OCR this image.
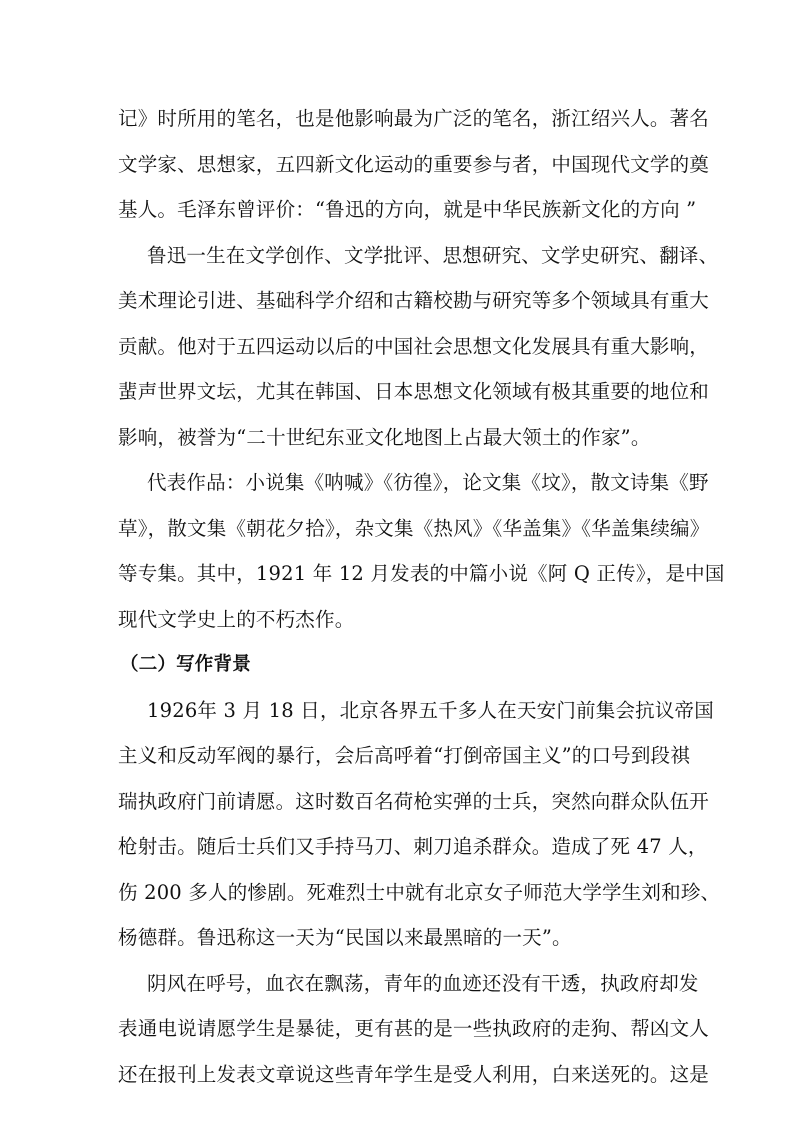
记》时所用的笔名，也是他影响最为广泛的笔名，浙江绍兴人。著名
文学家、思想家，五四新文化运动的重要参与者，中国现代文学的奠
基人。毛泽东曾评价：“鲁迅的方向，就是中华民族新文化的方向 ”
鲁迅一生在文学创作、文学批评、思想研究、文学史研究、翻译、
美术理论引进、基础科学介绍和古籍校勘与研究等多个领域具有重大
贡献。他对于五四运动以后的中国社会思想文化发展具有重大影响，
蜚声世界文坛，尤其在韩国、日本思想文化领域有极其重要的地位和
影响，被誉为“二十世纪东亚文化地图上占最大领土的作家”。
代表作品：小说集《呐喊》《彷徨》，论文集《坟》，散文诗集《野
草》，散文集《朝花夕拾》，杂文集《热风》《华盖集》《华盖集续编》
等专集。其中，1921 年 12 月发表的中篇小说《阿 Q 正传》，是中国
现代文学史上的不朽杰作。
（二）写作背景
1926年 3 月 18 日，北京各界五千多人在天安门前集会抗议帝国
主义和反动军阀的暴行，会后高呼着“打倒帝国主义”的口号到段祺
瑞执政府门前请愿。这时数百名荷枪实弹的士兵，突然向群众队伍开
枪射击。随后士兵们又手持马刀、刺刀追杀群众。造成了死 47 人，
伤 200 多人的惨剧。死难烈士中就有北京女子师范大学学生刘和珍、
杨德群。鲁迅称这一天为“民国以来最黑暗的一天”。
阴风在呼号，血衣在飘荡，青年的血迹还没有干透，执政府却发
表通电说请愿学生是暴徒，更有甚的是一些执政府的走狗、帮凶文人
还在报刊上发表文章说这些青年学生是受人利用，白来送死的。这是
